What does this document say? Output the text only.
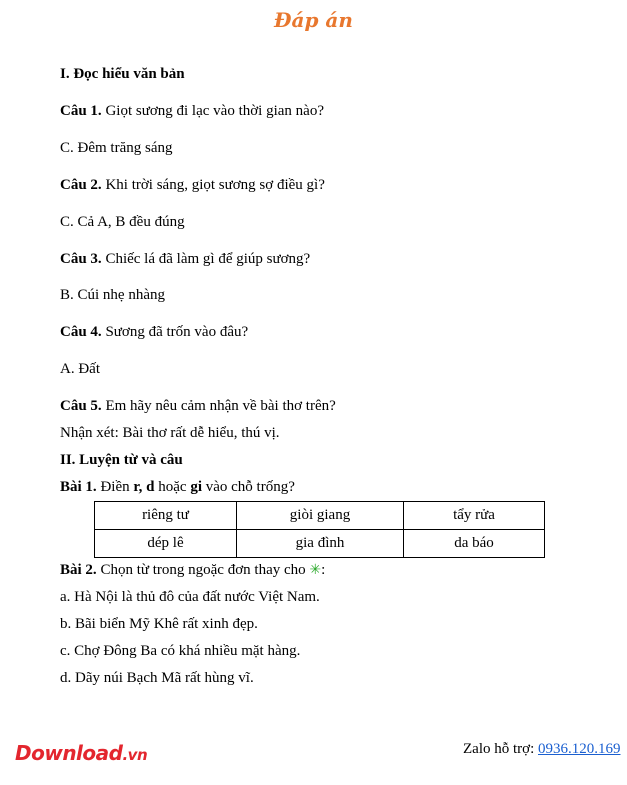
Đáp án
I. Đọc hiểu văn bản
Câu 1. Giọt sương đi lạc vào thời gian nào?
C. Đêm trăng sáng
Câu 2. Khi trời sáng, giọt sương sợ điều gì?
C. Cả A, B đều đúng
Câu 3. Chiếc lá đã làm gì để giúp sương?
B. Cúi nhẹ nhàng
Câu 4. Sương đã trốn vào đâu?
A. Đất
Câu 5. Em hãy nêu cảm nhận về bài thơ trên?
Nhận xét: Bài thơ rất dễ hiểu, thú vị.
II. Luyện từ và câu
Bài 1. Điền r, d hoặc gi vào chỗ trống?
riêng tư	giòi giang	tẩy rửa
dép lê	gia đình	da báo
Bài 2. Chọn từ trong ngoặc đơn thay cho ✳:
a. Hà Nội là thủ đô của đất nước Việt Nam.
b. Bãi biển Mỹ Khê rất xinh đẹp.
c. Chợ Đông Ba có khá nhiều mặt hàng.
d. Dãy núi Bạch Mã rất hùng vĩ.
Download.vn	Zalo hỗ trợ: 0936.120.169
